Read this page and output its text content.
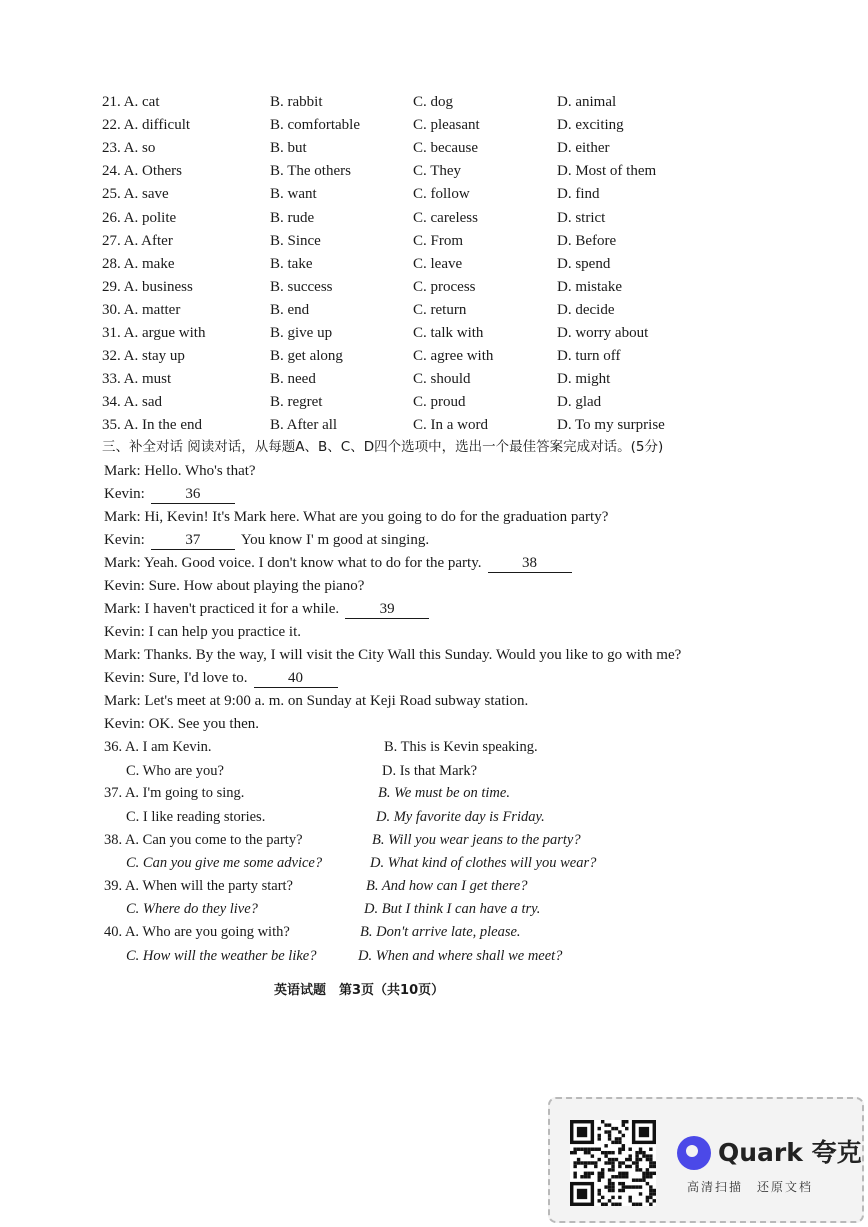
21. A. cat	B. rabbit	C. dog	D. animal
22. A. difficult	B. comfortable	C. pleasant	D. exciting
23. A. so	B. but	C. because	D. either
24. A. Others	B. The others	C. They	D. Most of them
25. A. save	B. want	C. follow	D. find
26. A. polite	B. rude	C. careless	D. strict
27. A. After	B. Since	C. From	D. Before
28. A. make	B. take	C. leave	D. spend
29. A. business	B. success	C. process	D. mistake
30. A. matter	B. end	C. return	D. decide
31. A. argue with	B. give up	C. talk with	D. worry about
32. A. stay up	B. get along	C. agree with	D. turn off
33. A. must	B. need	C. should	D. might
34. A. sad	B. regret	C. proud	D. glad
35. A. In the end	B. After all	C. In a word	D. To my surprise
三、补全对话 阅读对话，从每题A、B、C、D四个选项中，选出一个最佳答案完成对话。(5分)
Mark: Hello. Who's that?
Kevin:	36
Mark: Hi, Kevin! It's Mark here. What are you going to do for the graduation party?
Kevin:	37	You know I' m good at singing.
Mark: Yeah. Good voice. I don't know what to do for the party.	38
Kevin: Sure. How about playing the piano?
Mark: I haven't practiced it for a while.	39
Kevin: I can help you practice it.
Mark: Thanks. By the way, I will visit the City Wall this Sunday. Would you like to go with me?
Kevin: Sure, I'd love to.	40
Mark: Let's meet at 9:00 a. m. on Sunday at Keji Road subway station.
Kevin: OK. See you then.
36. A. I am Kevin.	B. This is Kevin speaking.
C. Who are you?	D. Is that Mark?
37. A. I'm going to sing.	B. We must be on time.
C. I like reading stories.	D. My favorite day is Friday.
38. A. Can you come to the party?	B. Will you wear jeans to the party?
C. Can you give me some advice?	D. What kind of clothes will you wear?
39. A. When will the party start?	B. And how can I get there?
C. Where do they live?	D. But I think I can have a try.
40. A. Who are you going with?	B. Don't arrive late, please.
C. How will the weather be like?	D. When and where shall we meet?
英语试题　第3页（共10页）
Quark 夸克
高清扫描　还原文档
